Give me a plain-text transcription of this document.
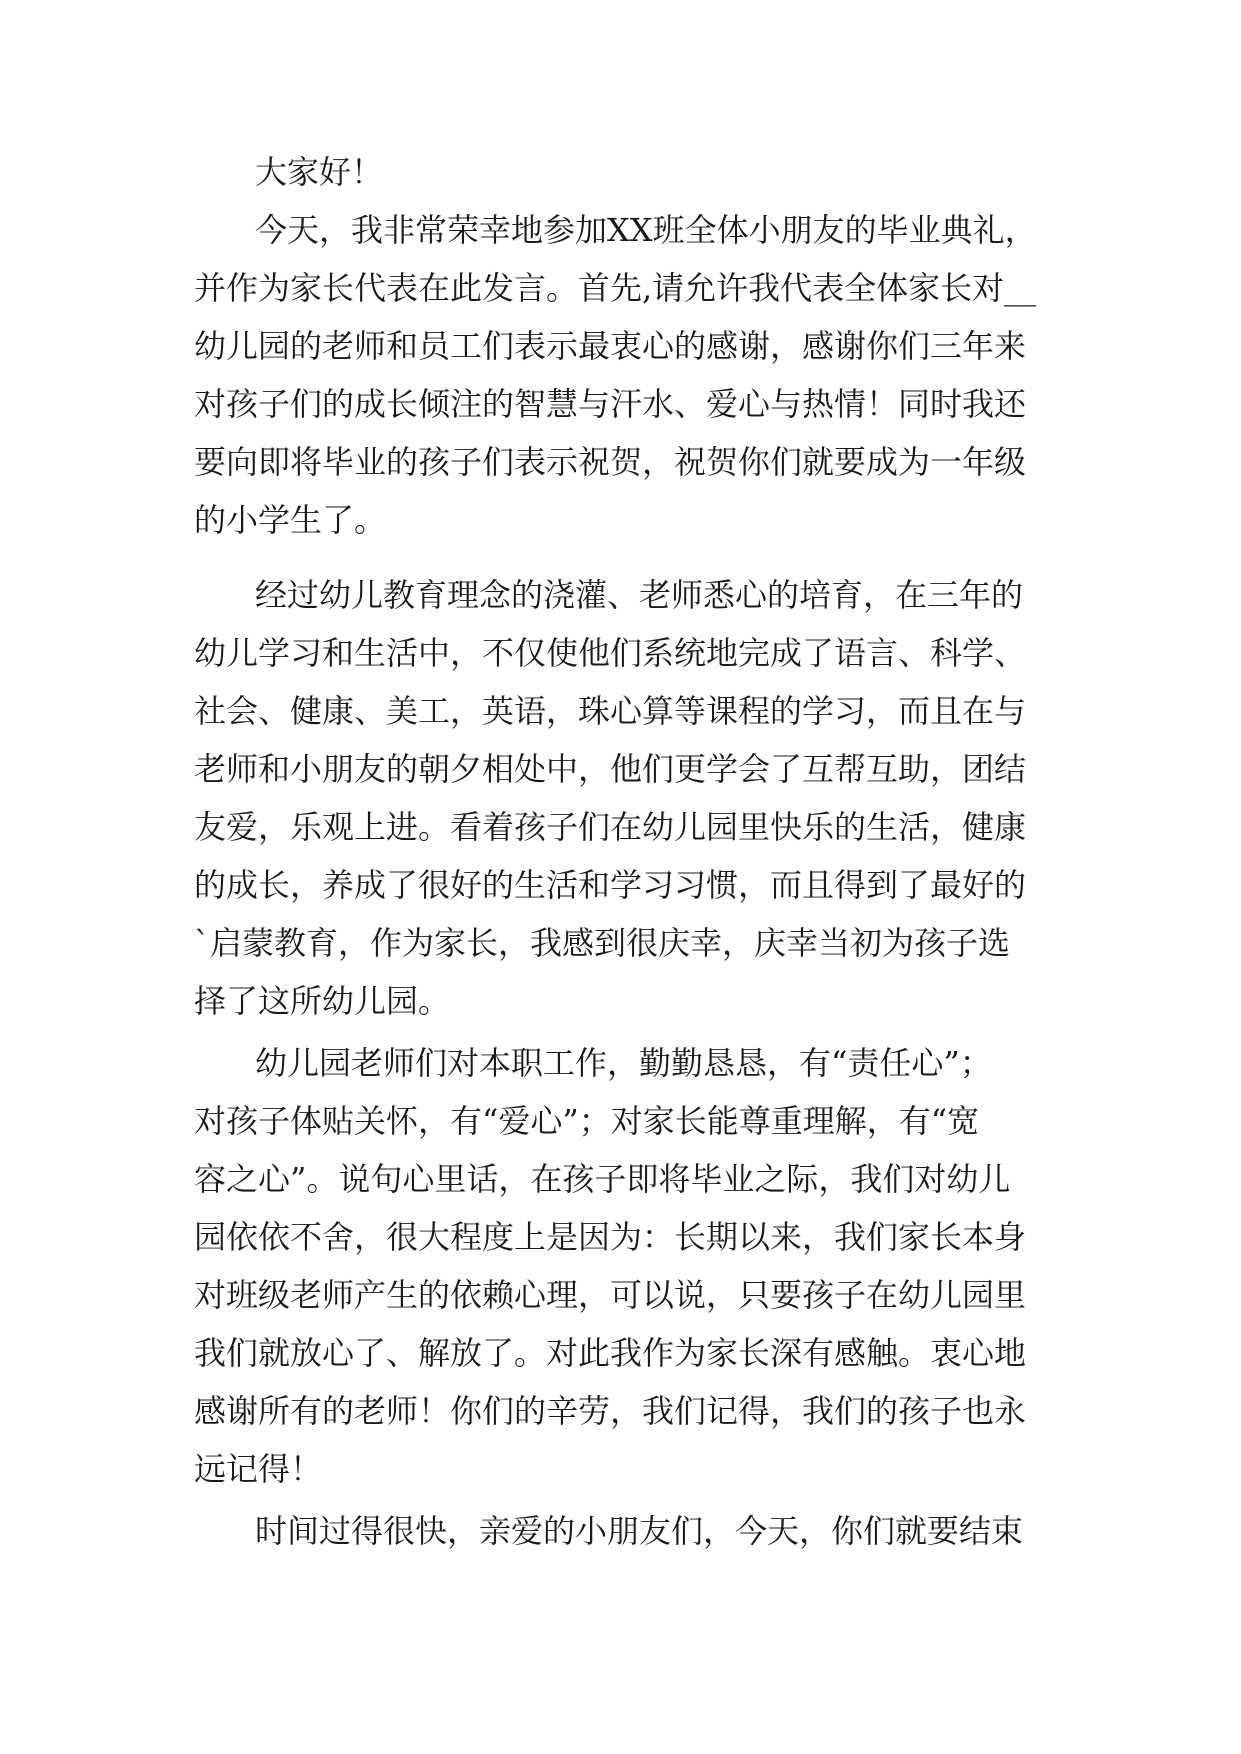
大家好！
今天，我非常荣幸地参加XX班全体小朋友的毕业典礼，
并作为家长代表在此发言。首先,请允许我代表全体家长对__
幼儿园的老师和员工们表示最衷心的感谢，感谢你们三年来
对孩子们的成长倾注的智慧与汗水、爱心与热情！同时我还
要向即将毕业的孩子们表示祝贺，祝贺你们就要成为一年级
的小学生了。
经过幼儿教育理念的浇灌、老师悉心的培育，在三年的
幼儿学习和生活中，不仅使他们系统地完成了语言、科学、
社会、健康、美工，英语，珠心算等课程的学习，而且在与
老师和小朋友的朝夕相处中，他们更学会了互帮互助，团结
友爱，乐观上进。看着孩子们在幼儿园里快乐的生活，健康
的成长，养成了很好的生活和学习习惯，而且得到了最好的
`启蒙教育，作为家长，我感到很庆幸，庆幸当初为孩子选
择了这所幼儿园。
幼儿园老师们对本职工作，勤勤恳恳，有“责任心”；
对孩子体贴关怀，有“爱心”；对家长能尊重理解，有“宽
容之心”。说句心里话，在孩子即将毕业之际，我们对幼儿
园依依不舍，很大程度上是因为：长期以来，我们家长本身
对班级老师产生的依赖心理，可以说，只要孩子在幼儿园里
我们就放心了、解放了。对此我作为家长深有感触。衷心地
感谢所有的老师！你们的辛劳，我们记得，我们的孩子也永
远记得！
时间过得很快，亲爱的小朋友们，今天，你们就要结束
